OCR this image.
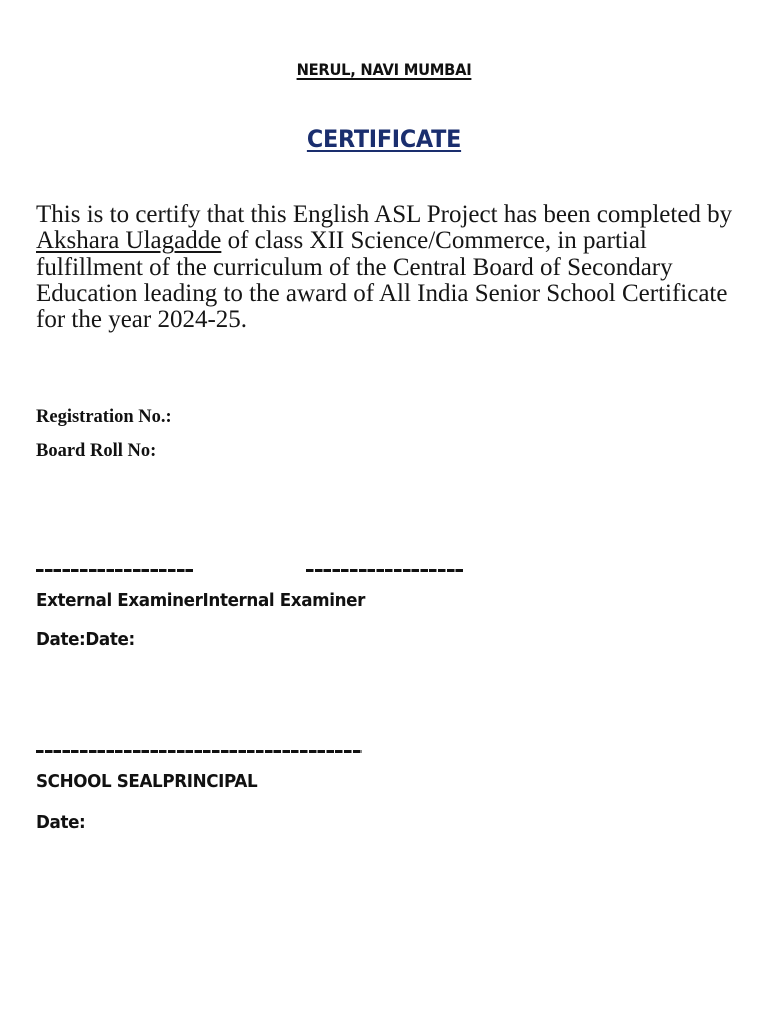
NERUL, NAVI MUMBAI
CERTIFICATE
This is to certify that this English ASL Project has been completed by Akshara Ulagadde of class XII Science/Commerce, in partial fulfillment of the curriculum of the Central Board of Secondary Education leading to the award of All India Senior School Certificate for the year 2024-25.
Registration No.:
Board Roll No:
External ExaminerInternal Examiner
Date:Date:
SCHOOL SEALPRINCIPAL
Date:
